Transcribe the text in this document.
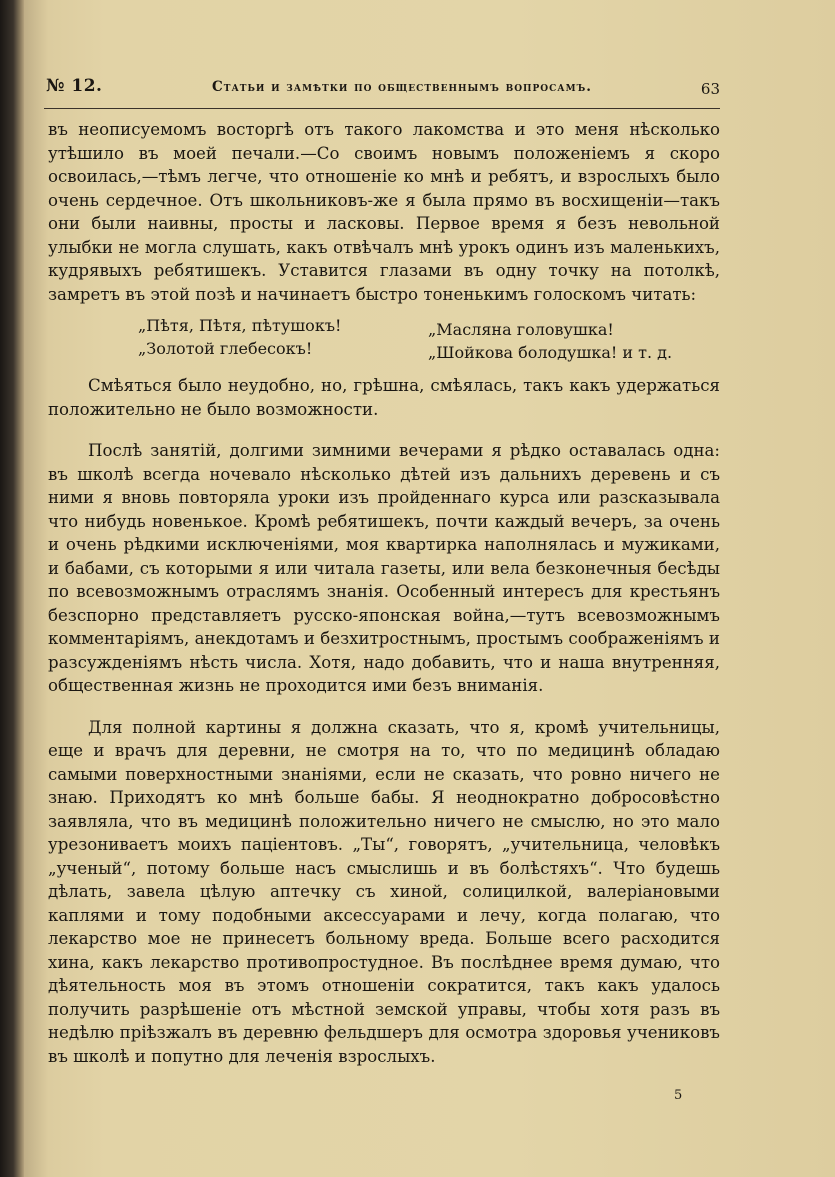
№ 12.	Статьи и замѣтки по общественнымъ вопросамъ.	63

въ неописуемомъ восторгѣ отъ такого лакомства и это меня нѣсколько утѣшило въ моей печали.—Со своимъ новымъ положеніемъ я скоро освоилась,—тѣмъ легче, что отношеніе ко мнѣ и ребятъ, и взрослыхъ было очень сердечное. Отъ школьниковъ-же я была прямо въ восхищеніи—такъ они были наивны, просты и ласковы. Первое время я безъ невольной улыбки не могла слушать, какъ отвѣчалъ мнѣ урокъ одинъ изъ маленькихъ, кудрявыхъ ребятишекъ. Уставится глазами въ одну точку на потолкѣ, замретъ въ этой позѣ и начинаетъ быстро тоненькимъ голоскомъ читать:

„Пѣтя, Пѣтя, пѣтушокъ!
„Золотой глебесокъ!
„Масляна головушка!
„Шойкова болодушка! и т. д.

Смѣяться было неудобно, но, грѣшна, смѣялась, такъ какъ удержаться положительно не было возможности.

Послѣ занятій, долгими зимними вечерами я рѣдко оставалась одна: въ школѣ всегда ночевало нѣсколько дѣтей изъ дальнихъ деревень и съ ними я вновь повторяла уроки изъ пройденнаго курса или разсказывала что нибудь новенькое. Кромѣ ребятишекъ, почти каждый вечеръ, за очень и очень рѣдкими исключеніями, моя квартирка наполнялась и мужиками, и бабами, съ которыми я или читала газеты, или вела безконечныя бесѣды по всевозможнымъ отраслямъ знанія. Особенный интересъ для крестьянъ безспорно представляетъ русско-японская война,—тутъ всевозможнымъ комментаріямъ, анекдотамъ и безхитростнымъ, простымъ соображеніямъ и разсужденіямъ нѣсть числа. Хотя, надо добавить, что и наша внутренняя, общественная жизнь не проходится ими безъ вниманія.

Для полной картины я должна сказать, что я, кромѣ учительницы, еще и врачъ для деревни, не смотря на то, что по медицинѣ обладаю самыми поверхностными знаніями, если не сказать, что ровно ничего не знаю. Приходятъ ко мнѣ больше бабы. Я неоднократно добросовѣстно заявляла, что въ медицинѣ положительно ничего не смыслю, но это мало урезониваетъ моихъ паціентовъ. „Ты“, говорятъ, „учительница, человѣкъ „ученый“, потому больше насъ смыслишь и въ болѣстяхъ“. Что будешь дѣлать, завела цѣлую аптечку съ хиной, солицилкой, валеріановыми каплями и тому подобными аксессуарами и лечу, когда полагаю, что лекарство мое не принесетъ больному вреда. Больше всего расходится хина, какъ лекарство противопростудное. Въ послѣднее время думаю, что дѣятельность моя въ этомъ отношеніи сократится, такъ какъ удалось получить разрѣшеніе отъ мѣстной земской управы, чтобы хотя разъ въ недѣлю пріѣзжалъ въ деревню фельдшеръ для осмотра здоровья учениковъ въ школѣ и попутно для леченія взрослыхъ.

5
